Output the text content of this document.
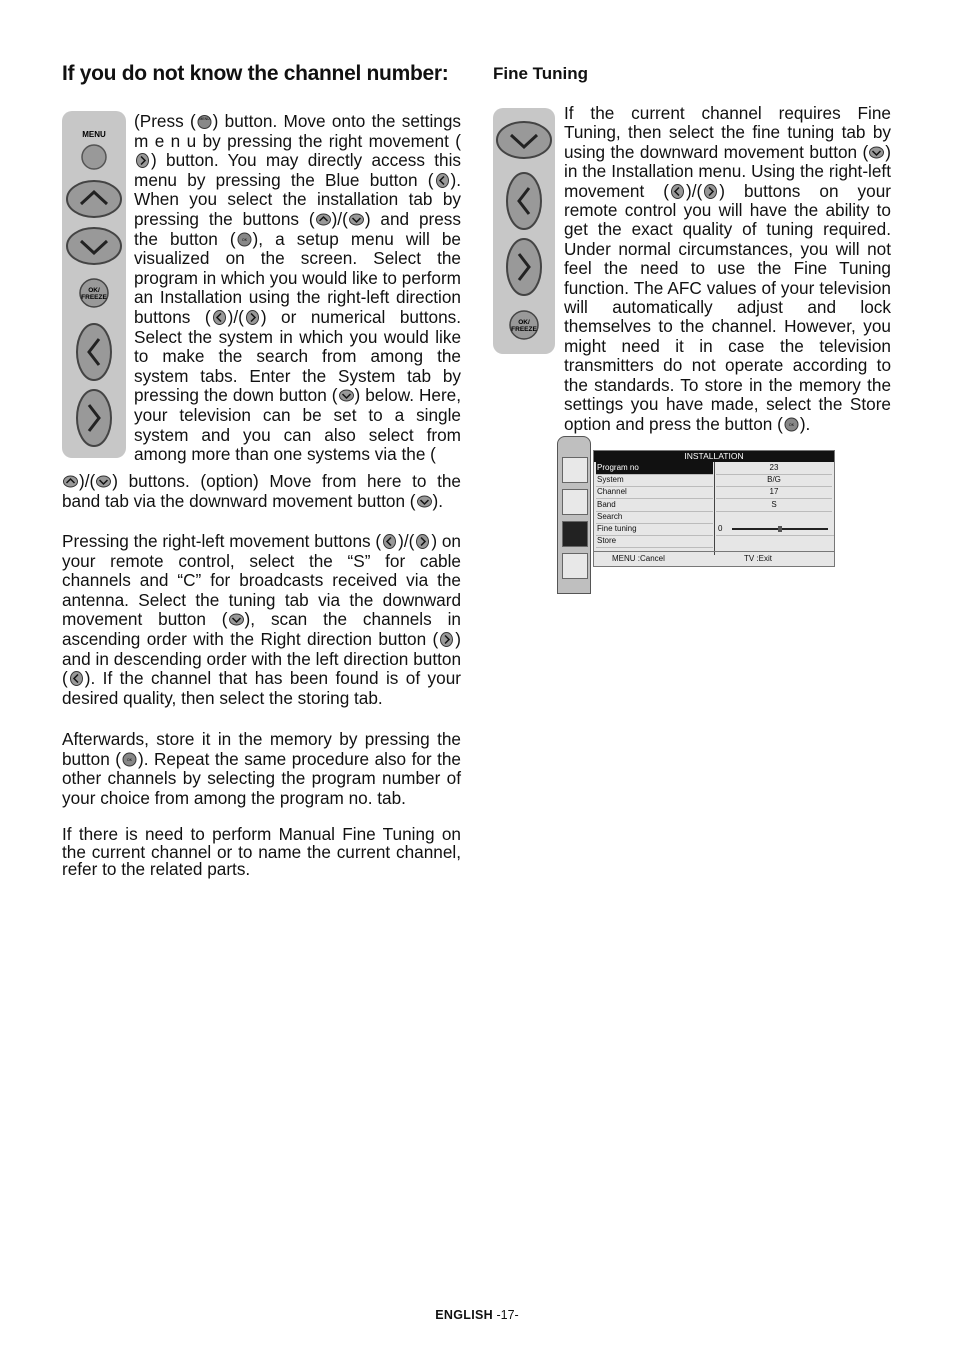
If you do not know the channel number:
MENU
OK/
FREEZE
(Press ( MENU ) button. Move onto the settings m e n u by pressing the right movement (
) button. You may directly access this menu by pressing the Blue button ( ). When you select the installation tab by pressing the buttons ( )/( ) and press the button ( OK ), a setup menu will be visualized on the screen. Select the program in which you would like to perform an Installation using the right-left direction buttons ( )/( ) or numerical buttons. Select the system in which you would like to make the search from among the system tabs. Enter the System tab by pressing the down button ( ) below. Here, your television can be set to a single system and you can also select from among more than one systems via the (
)/( ) buttons. (option) Move from here to the band tab via the downward movement button ( ).
Pressing the right-left movement buttons ( )/( ) on your remote control, select the “S” for cable channels and “C” for broadcasts received via the antenna. Select the tuning tab via the downward movement button ( ), scan the channels in ascending order with the Right direction button ( ) and in descending order with the left direction button ( ). If the channel that has been found is of your desired quality, then select the storing tab.
Afterwards, store it in the memory by pressing the button ( OK ). Repeat the same procedure also for the other channels by selecting the program number of your choice from among the program no. tab.
If there is need to perform Manual Fine Tuning on the current channel or to name the current channel, refer to the related parts.
Fine Tuning
OK/
FREEZE
If the current channel requires Fine Tuning, then select the fine tuning tab by using the downward movement button ( ) in the Installation menu. Using the right-left movement ( )/( ) buttons on your remote control you will have the ability to get the exact quality of tuning required. Under normal circumstances, you will not feel the need to use the Fine Tuning function. The AFC values of your television will automatically adjust and lock themselves to the channel. However, you might need it in case the television transmitters do not operate according to the standards. To store in the memory the settings you have made, select the Store option and press the button ( OK ).
INSTALLATION
Program no	23
System	B/G
Channel	17
Band	S
Search
Fine tuning	0
Store
MENU :Cancel	TV :Exit
ENGLISH -17-
